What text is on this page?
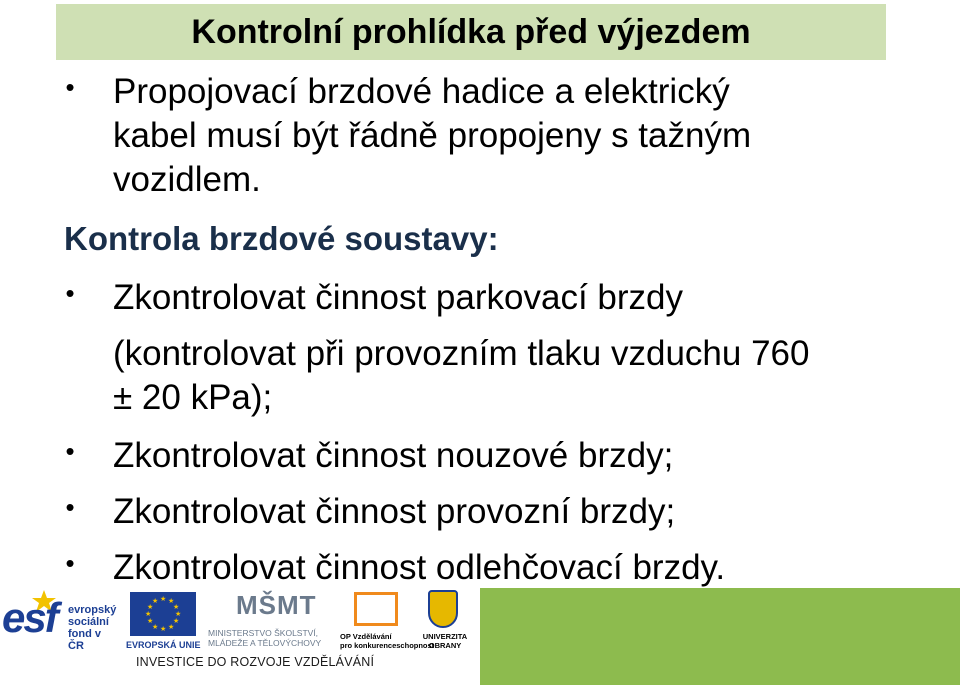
Kontrolní prohlídka před výjezdem
• Propojovací brzdové hadice a elektrický
kabel musí být řádně propojeny s tažným
vozidlem.
Kontrola brzdové soustavy:
• Zkontrolovat činnost parkovací brzdy
(kontrolovat při provozním tlaku vzduchu 760
± 20 kPa);
• Zkontrolovat činnost nouzové brzdy;
• Zkontrolovat činnost provozní brzdy;
• Zkontrolovat činnost odlehčovací brzdy.
esf evropský
sociální
fond v ČR
★ ★
★
★
★
★
★
★
★
★
★
★
EVROPSKÁ UNIE
MŠMT
MINISTERSTVO ŠKOLSTVÍ,
MLÁDEŽE A TĚLOVÝCHOVY
OP Vzdělávání
pro konkurenceschopnost
UNIVERZITA
OBRANY
INVESTICE DO ROZVOJE VZDĚLÁVÁNÍ
